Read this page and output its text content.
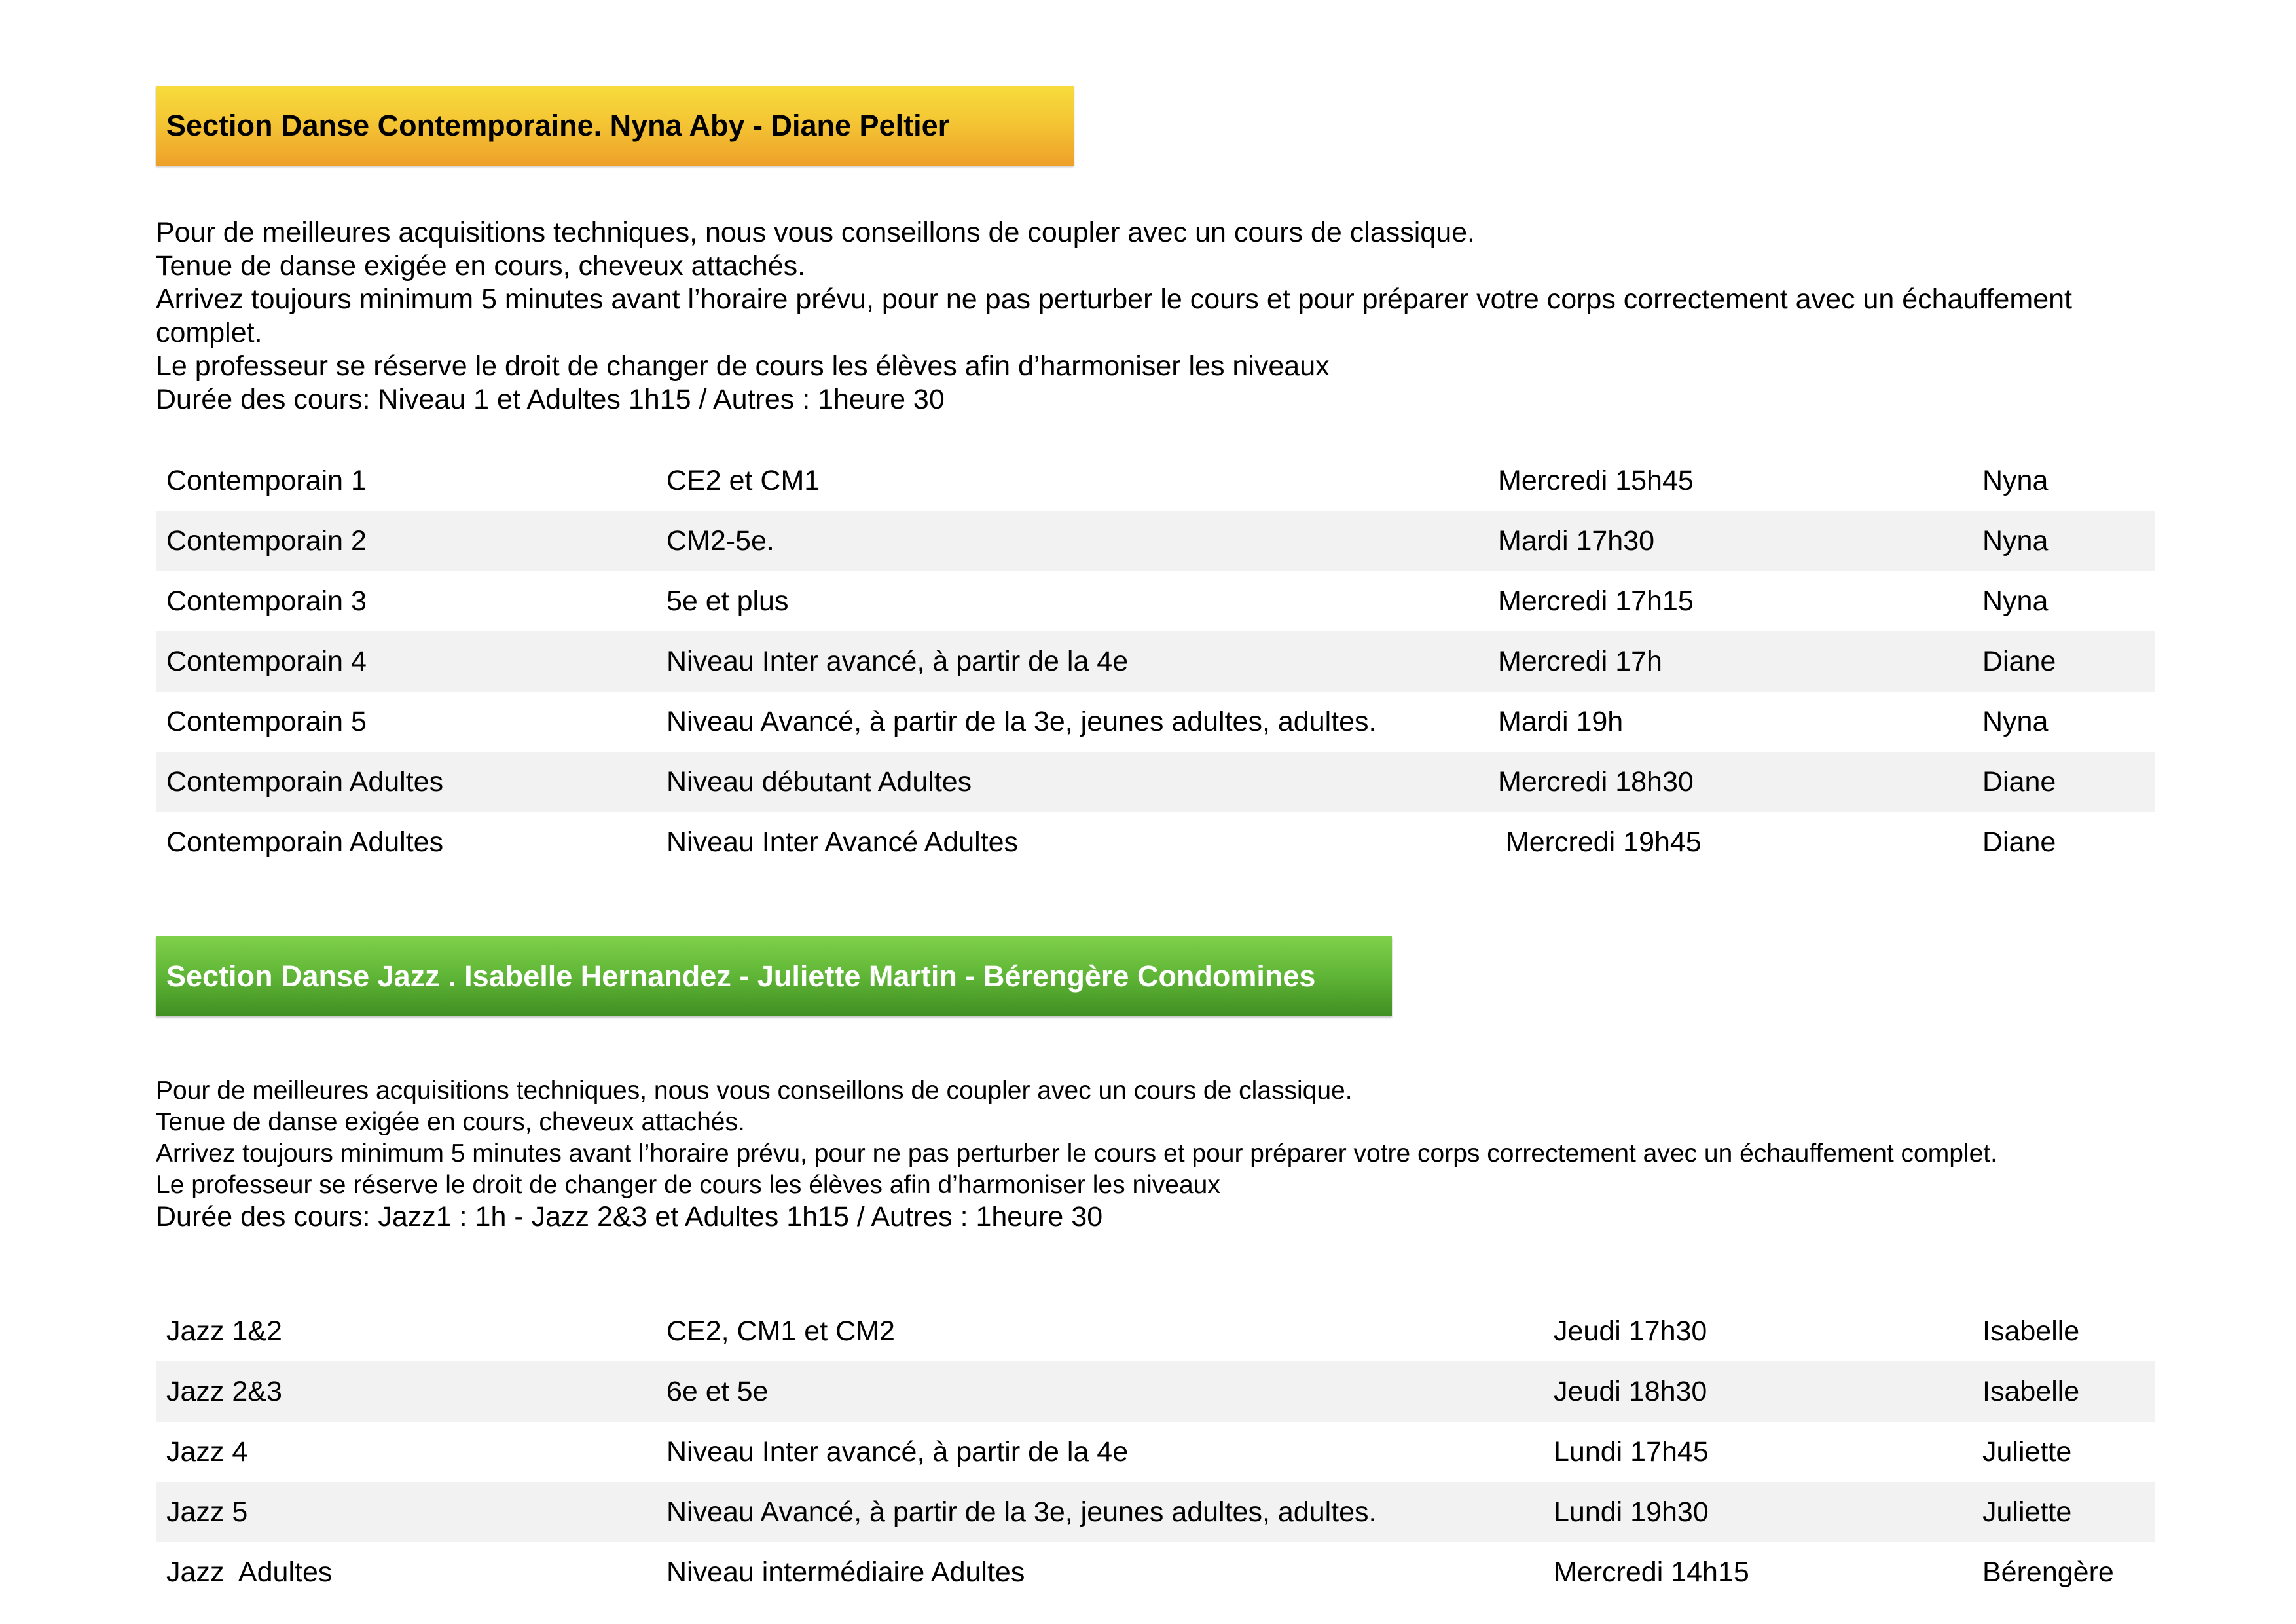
Section Danse Contemporaine. Nyna Aby - Diane Peltier

Pour de meilleures acquisitions techniques, nous vous conseillons de coupler avec un cours de classique.

Tenue de danse exigée en cours, cheveux attachés.

Arrivez toujours minimum 5 minutes avant l’horaire prévu, pour ne pas perturber le cours et pour préparer votre corps correctement avec un échauffement complet.

Le professeur se réserve le droit de changer de cours les élèves afin d’harmoniser les niveaux

Durée des cours: Niveau 1 et Adultes 1h15 / Autres : 1heure 30

Contemporain 1	CE2 et CM1	Mercredi 15h45	Nyna
Contemporain 2	CM2-5e.	Mardi 17h30	Nyna
Contemporain 3	5e et plus	Mercredi 17h15	Nyna
Contemporain 4	Niveau Inter avancé, à partir de la 4e	Mercredi 17h	Diane
Contemporain 5	Niveau Avancé, à partir de la 3e, jeunes adultes, adultes.	Mardi 19h	Nyna
Contemporain Adultes	Niveau débutant Adultes	Mercredi 18h30	Diane
Contemporain Adultes	Niveau Inter Avancé Adultes	Mercredi 19h45	Diane
Section Danse Jazz . Isabelle Hernandez - Juliette Martin - Bérengère Condomines

Pour de meilleures acquisitions techniques, nous vous conseillons de coupler avec un cours de classique.

Tenue de danse exigée en cours, cheveux attachés.

Arrivez toujours minimum 5 minutes avant l’horaire prévu, pour ne pas perturber le cours et pour préparer votre corps correctement avec un échauffement complet.

Le professeur se réserve le droit de changer de cours les élèves afin d’harmoniser les niveaux

Durée des cours: Jazz1 : 1h - Jazz 2&3 et Adultes 1h15 / Autres : 1heure 30

Jazz 1&2	CE2, CM1 et CM2	Jeudi 17h30	Isabelle
Jazz 2&3	6e et 5e	Jeudi 18h30	Isabelle
Jazz 4	Niveau Inter avancé, à partir de la 4e	Lundi 17h45	Juliette
Jazz 5	Niveau Avancé, à partir de la 3e, jeunes adultes, adultes.	Lundi 19h30	Juliette
Jazz  Adultes	Niveau intermédiaire Adultes	Mercredi 14h15	Bérengère
